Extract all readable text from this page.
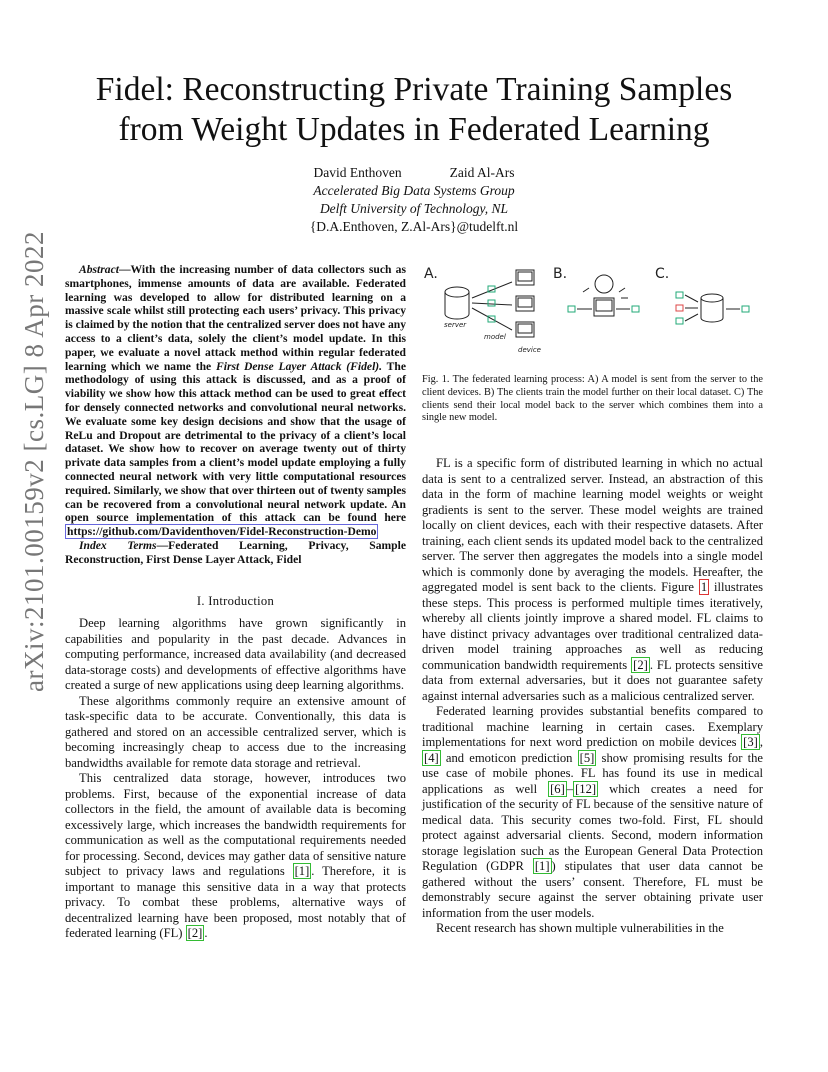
arXiv:2101.00159v2 [cs.LG] 8 Apr 2022
Fidel: Reconstructing Private Training Samples from Weight Updates in Federated Learning
David Enthoven	Zaid Al-Ars
Accelerated Big Data Systems Group
Delft University of Technology, NL
{D.A.Enthoven, Z.Al-Ars}@tudelft.nl

Abstract—With the increasing number of data collectors such as smartphones, immense amounts of data are available. Federated learning was developed to allow for distributed learning on a massive scale whilst still protecting each users’ privacy. This privacy is claimed by the notion that the centralized server does not have any access to a client’s data, solely the client’s model update. In this paper, we evaluate a novel attack method within regular federated learning which we name the First Dense Layer Attack (Fidel). The methodology of using this attack is discussed, and as a proof of viability we show how this attack method can be used to great effect for densely connected networks and convolutional neural networks. We evaluate some key design decisions and show that the usage of ReLu and Dropout are detrimental to the privacy of a client’s local dataset. We show how to recover on average twenty out of thirty private data samples from a client’s model update employing a fully connected neural network with very little computational resources required. Similarly, we show that over thirteen out of twenty samples can be recovered from a convolutional neural network update. An open source implementation of this attack can be found here https://github.com/Davidenthoven/Fidel-Reconstruction-Demo

Index Terms—Federated Learning, Privacy, Sample Reconstruction, First Dense Layer Attack, Fidel

I. Introduction

Deep learning algorithms have grown significantly in capabilities and popularity in the past decade. Advances in computing performance, increased data availability (and decreased data-storage costs) and developments of effective algorithms have created a surge of new applications using deep learning algorithms.

These algorithms commonly require an extensive amount of task-specific data to be accurate. Conventionally, this data is gathered and stored on an accessible centralized server, which is becoming increasingly cheap to access due to the increasing bandwidths available for remote data storage and retrieval.

This centralized data storage, however, introduces two problems. First, because of the exponential increase of data collectors in the field, the amount of available data is becoming excessively large, which increases the bandwidth requirements for communication as well as the computational requirements needed for processing. Second, devices may gather data of sensitive nature subject to privacy laws and regulations [1] . Therefore, it is important to manage this sensitive data in a way that protects privacy. To combat these problems, alternative ways of decentralized learning have been proposed, most notably that of federated learning (FL) [2] .

A.	B.	C.
server
model
device
Fig. 1. The federated learning process: A) A model is sent from the server to the client devices. B) The clients train the model further on their local dataset. C) The clients send their local model back to the server which combines them into a single new model.

FL is a specific form of distributed learning in which no actual data is sent to a centralized server. Instead, an abstraction of this data in the form of machine learning model weights or weight gradients is sent to the server. These model weights are trained locally on client devices, each with their respective datasets. After training, each client sends its updated model back to the centralized server. The server then aggregates the models into a single model which is commonly done by averaging the models. Hereafter, the aggregated model is sent back to the clients. Figure 1 illustrates these steps. This process is performed multiple times iteratively, whereby all clients jointly improve a shared model. FL claims to have distinct privacy advantages over traditional centralized data-driven model training approaches as well as reducing communication bandwidth requirements [2] . FL protects sensitive data from external adversaries, but it does not guarantee safety against internal adversaries such as a malicious centralized server.

Federated learning provides substantial benefits compared to traditional machine learning in certain cases. Exemplary implementations for next word prediction on mobile devices [3] , [4] and emoticon prediction [5] show promising results for the use case of mobile phones. FL has found its use in medical applications as well [6] – [12] which creates a need for justification of the security of FL because of the sensitive nature of medical data. This security comes two-fold. First, FL should protect against adversarial clients. Second, modern information storage legislation such as the European General Data Protection Regulation (GDPR [1] ) stipulates that user data cannot be gathered without the users’ consent. Therefore, FL must be demonstrably secure against the server obtaining private user information from the user models.

Recent research has shown multiple vulnerabilities in the
